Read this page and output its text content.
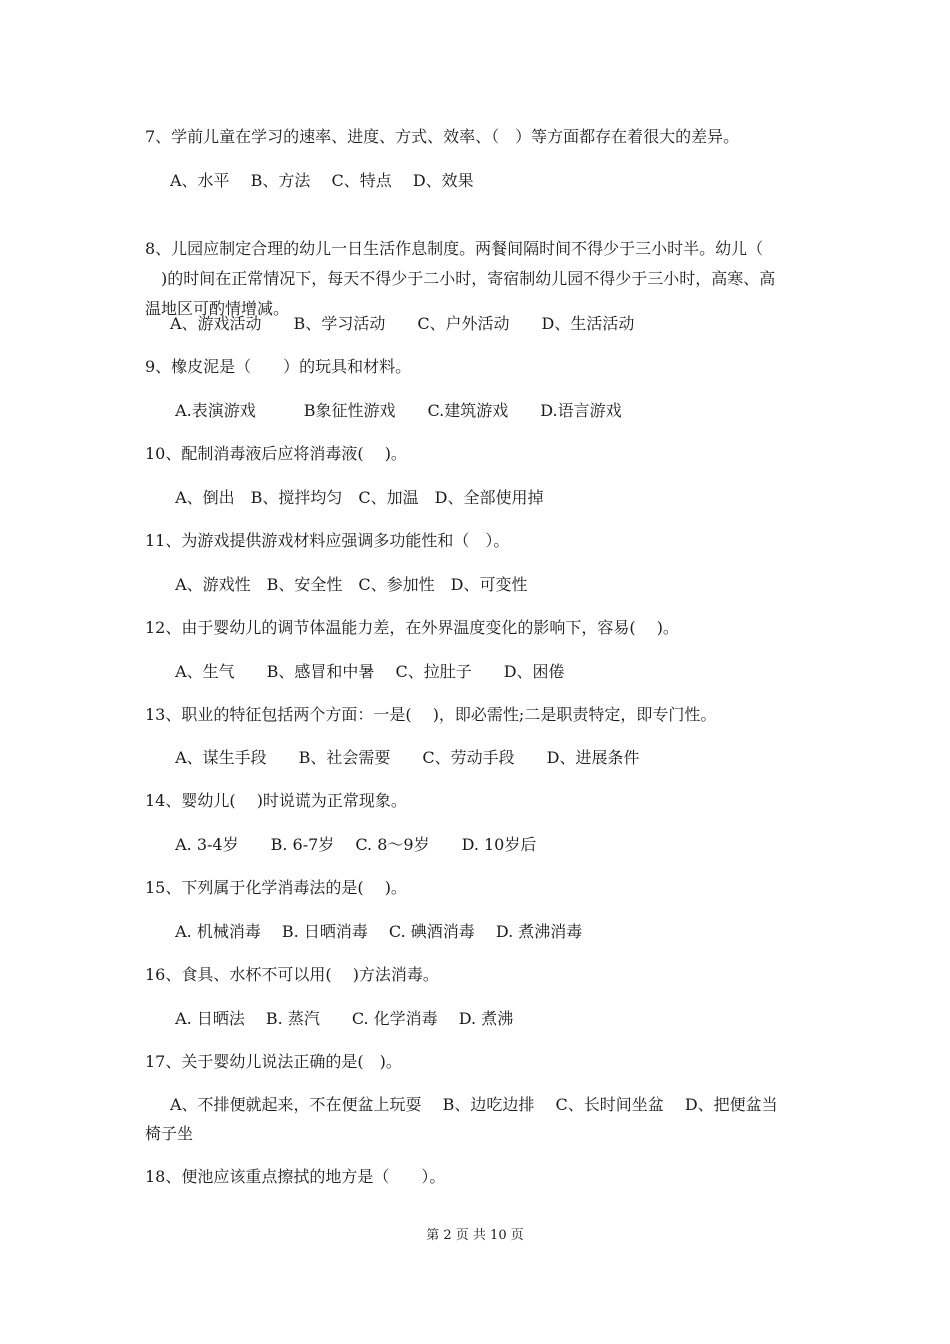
7、学前儿童在学习的速率、进度、方式、效率、（　）等方面都存在着很大的差异。

A、水平　 B、方法　 C、特点　 D、效果

8、儿园应制定合理的幼儿一日生活作息制度。两餐间隔时间不得少于三小时半。幼儿（

　)的时间在正常情况下，每天不得少于二小时，寄宿制幼儿园不得少于三小时，高寒、高

温地区可酌情增减。

A、游戏活动　　B、学习活动　　C、户外活动　　D、生活活动

9、橡皮泥是（　　）的玩具和材料。

A.表演游戏　　　B象征性游戏　　C.建筑游戏　　D.语言游戏

10、配制消毒液后应将消毒液(　 )。

A、倒出　B、搅拌均匀　C、加温　D、全部使用掉

11、为游戏提供游戏材料应强调多功能性和（　）。

A、游戏性　B、安全性　C、参加性　D、可变性

12、由于婴幼儿的调节体温能力差，在外界温度变化的影响下，容易(　 )。

A、生气　　B、感冒和中暑　 C、拉肚子　　D、困倦

13、职业的特征包括两个方面：一是(　 )，即必需性;二是职责特定，即专门性。

A、谋生手段　　B、社会需要　　C、劳动手段　　D、进展条件

14、婴幼儿(　 )时说谎为正常现象。

A. 3-4岁　　B. 6-7岁　 C. 8～9岁　　D. 10岁后

15、下列属于化学消毒法的是(　 )。

A. 机械消毒　 B. 日晒消毒　 C. 碘酒消毒　 D. 煮沸消毒

16、食具、水杯不可以用(　 )方法消毒。

A. 日晒法　 B. 蒸汽　　C. 化学消毒　 D. 煮沸

17、关于婴幼儿说法正确的是(　)。

A、不排便就起来，不在便盆上玩耍　 B、边吃边排　 C、长时间坐盆　 D、把便盆当

椅子坐

18、便池应该重点擦拭的地方是（　　）。

第 2 页 共 10 页
